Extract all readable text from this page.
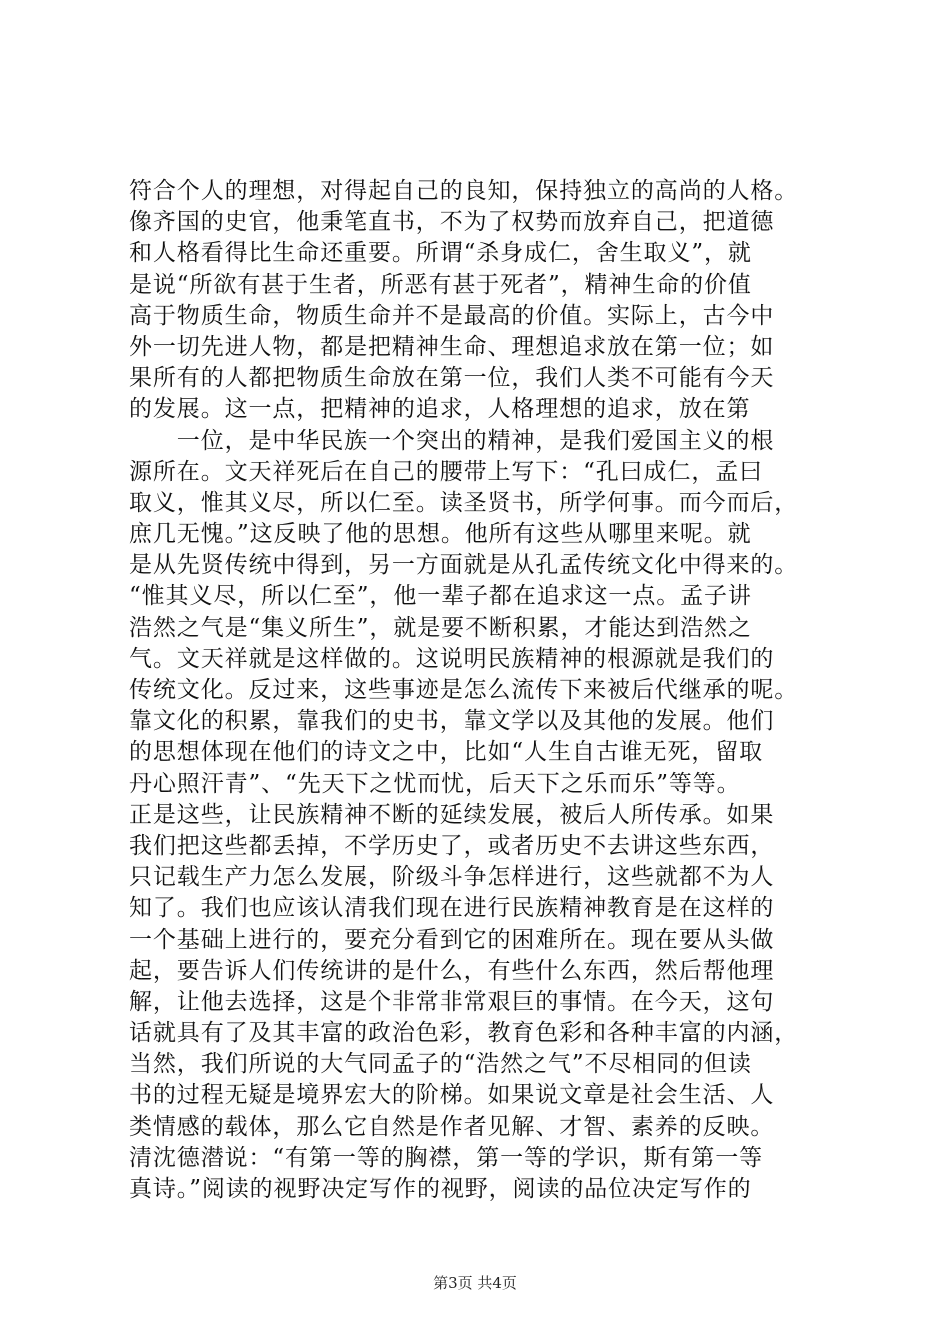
符合个人的理想，对得起自己的良知，保持独立的高尚的人格。
像齐国的史官，他秉笔直书，不为了权势而放弃自己，把道德
和人格看得比生命还重要。所谓“杀身成仁，舍生取义”，就
是说“所欲有甚于生者，所恶有甚于死者”，精神生命的价值
高于物质生命，物质生命并不是最高的价值。实际上，古今中
外一切先进人物，都是把精神生命、理想追求放在第一位；如
果所有的人都把物质生命放在第一位，我们人类不可能有今天
的发展。这一点，把精神的追求，人格理想的追求，放在第
　　一位，是中华民族一个突出的精神，是我们爱国主义的根
源所在。文天祥死后在自己的腰带上写下：“孔曰成仁，孟曰
取义，惟其义尽，所以仁至。读圣贤书，所学何事。而今而后，
庶几无愧。”这反映了他的思想。他所有这些从哪里来呢。就
是从先贤传统中得到，另一方面就是从孔孟传统文化中得来的。
“惟其义尽，所以仁至”，他一辈子都在追求这一点。孟子讲
浩然之气是“集义所生”，就是要不断积累，才能达到浩然之
气。文天祥就是这样做的。这说明民族精神的根源就是我们的
传统文化。反过来，这些事迹是怎么流传下来被后代继承的呢。
靠文化的积累，靠我们的史书，靠文学以及其他的发展。他们
的思想体现在他们的诗文之中，比如“人生自古谁无死，留取
丹心照汗青”、“先天下之忧而忧，后天下之乐而乐”等等。
正是这些，让民族精神不断的延续发展，被后人所传承。如果
我们把这些都丢掉，不学历史了，或者历史不去讲这些东西，
只记载生产力怎么发展，阶级斗争怎样进行，这些就都不为人
知了。我们也应该认清我们现在进行民族精神教育是在这样的
一个基础上进行的，要充分看到它的困难所在。现在要从头做
起，要告诉人们传统讲的是什么，有些什么东西，然后帮他理
解，让他去选择，这是个非常非常艰巨的事情。在今天，这句
话就具有了及其丰富的政治色彩，教育色彩和各种丰富的内涵，
当然，我们所说的大气同孟子的“浩然之气”不尽相同的但读
书的过程无疑是境界宏大的阶梯。如果说文章是社会生活、人
类情感的载体，那么它自然是作者见解、才智、素养的反映。
清沈德潜说：“有第一等的胸襟，第一等的学识，斯有第一等
真诗。”阅读的视野决定写作的视野，阅读的品位决定写作的
第3页 共4页
